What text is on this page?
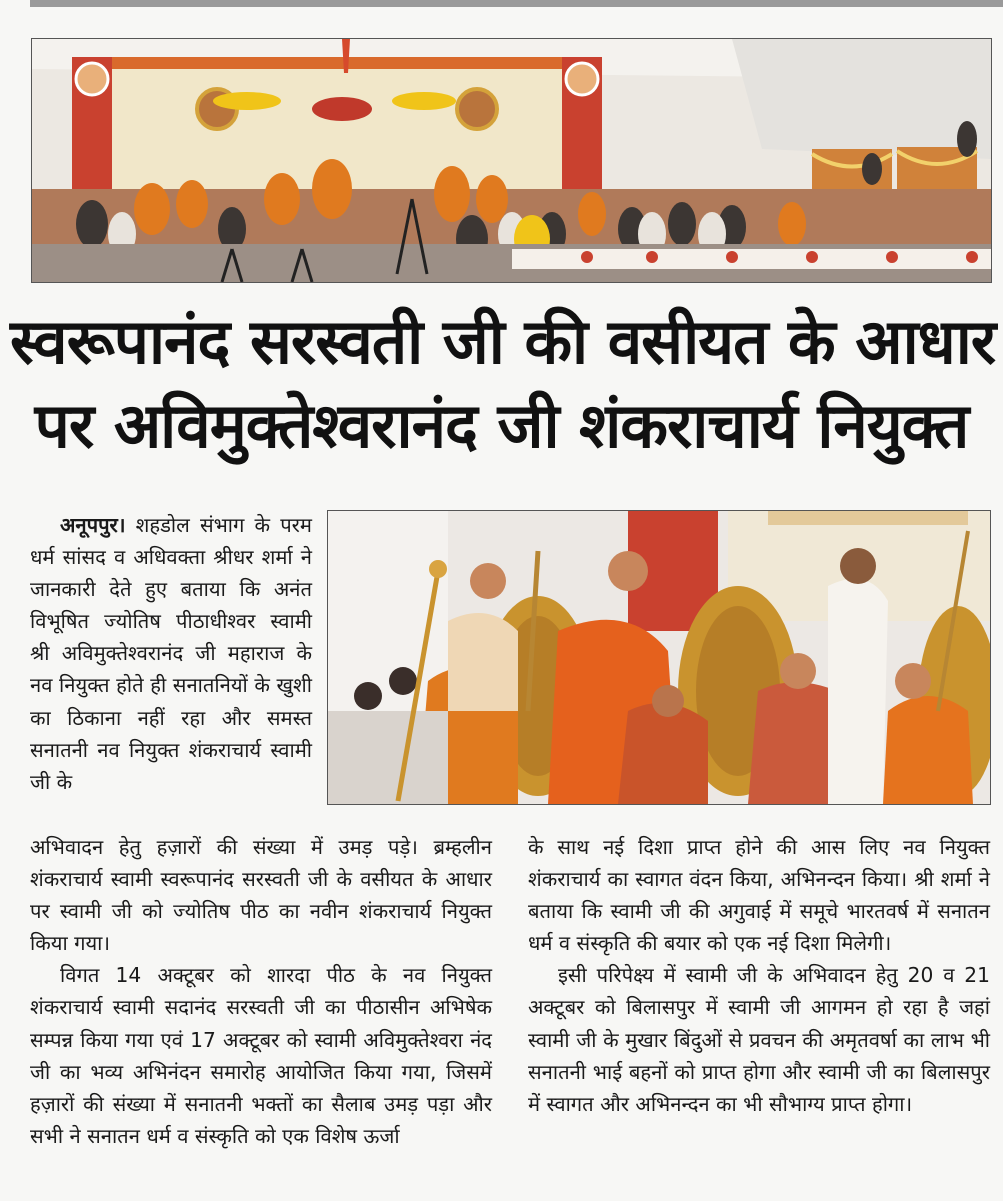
स्वरूपानंद सरस्वती जी की वसीयत के आधार
पर अविमुक्तेश्वरानंद जी शंकराचार्य नियुक्त

अनूपपुर। शहडोल संभाग के परम धर्म सांसद व अधिवक्ता श्रीधर शर्मा ने जानकारी देते हुए बताया कि अनंत विभूषित ज्योतिष पीठाधीश्वर स्वामी श्री अविमुक्तेश्वरानंद जी महाराज के नव नियुक्त होते ही सनातनियों के खुशी का ठिकाना नहीं रहा और समस्त सनातनी नव नियुक्त शंकराचार्य स्वामी जी के

अभिवादन हेतु हज़ारों की संख्या में उमड़ पड़े। ब्रम्हलीन शंकराचार्य स्वामी स्वरूपानंद सरस्वती जी के वसीयत के आधार पर स्वामी जी को ज्योतिष पीठ का नवीन शंकराचार्य नियुक्त किया गया।

विगत 14 अक्टूबर को शारदा पीठ के नव नियुक्त शंकराचार्य स्वामी सदानंद सरस्वती जी का पीठासीन अभिषेक सम्पन्न किया गया एवं 17 अक्टूबर को स्वामी अविमुक्तेश्वरा नंद जी का भव्य अभिनंदन समारोह आयोजित किया गया, जिसमें हज़ारों की संख्या में सनातनी भक्तों का सैलाब उमड़ पड़ा और सभी ने सनातन धर्म व संस्कृति को एक विशेष ऊर्जा

के साथ नई दिशा प्राप्त होने की आस लिए नव नियुक्त शंकराचार्य का स्वागत वंदन किया, अभिनन्दन किया। श्री शर्मा ने बताया कि स्वामी जी की अगुवाई में समूचे भारतवर्ष में सनातन धर्म व संस्कृति की बयार को एक नई दिशा मिलेगी।

इसी परिपेक्ष्य में स्वामी जी के अभिवादन हेतु 20 व 21 अक्टूबर को बिलासपुर में स्वामी जी आगमन हो रहा है जहां स्वामी जी के मुखार बिंदुओं से प्रवचन की अमृतवर्षा का लाभ भी सनातनी भाई बहनों को प्राप्त होगा और स्वामी जी का बिलासपुर में स्वागत और अभिनन्दन का भी सौभाग्य प्राप्त होगा।
